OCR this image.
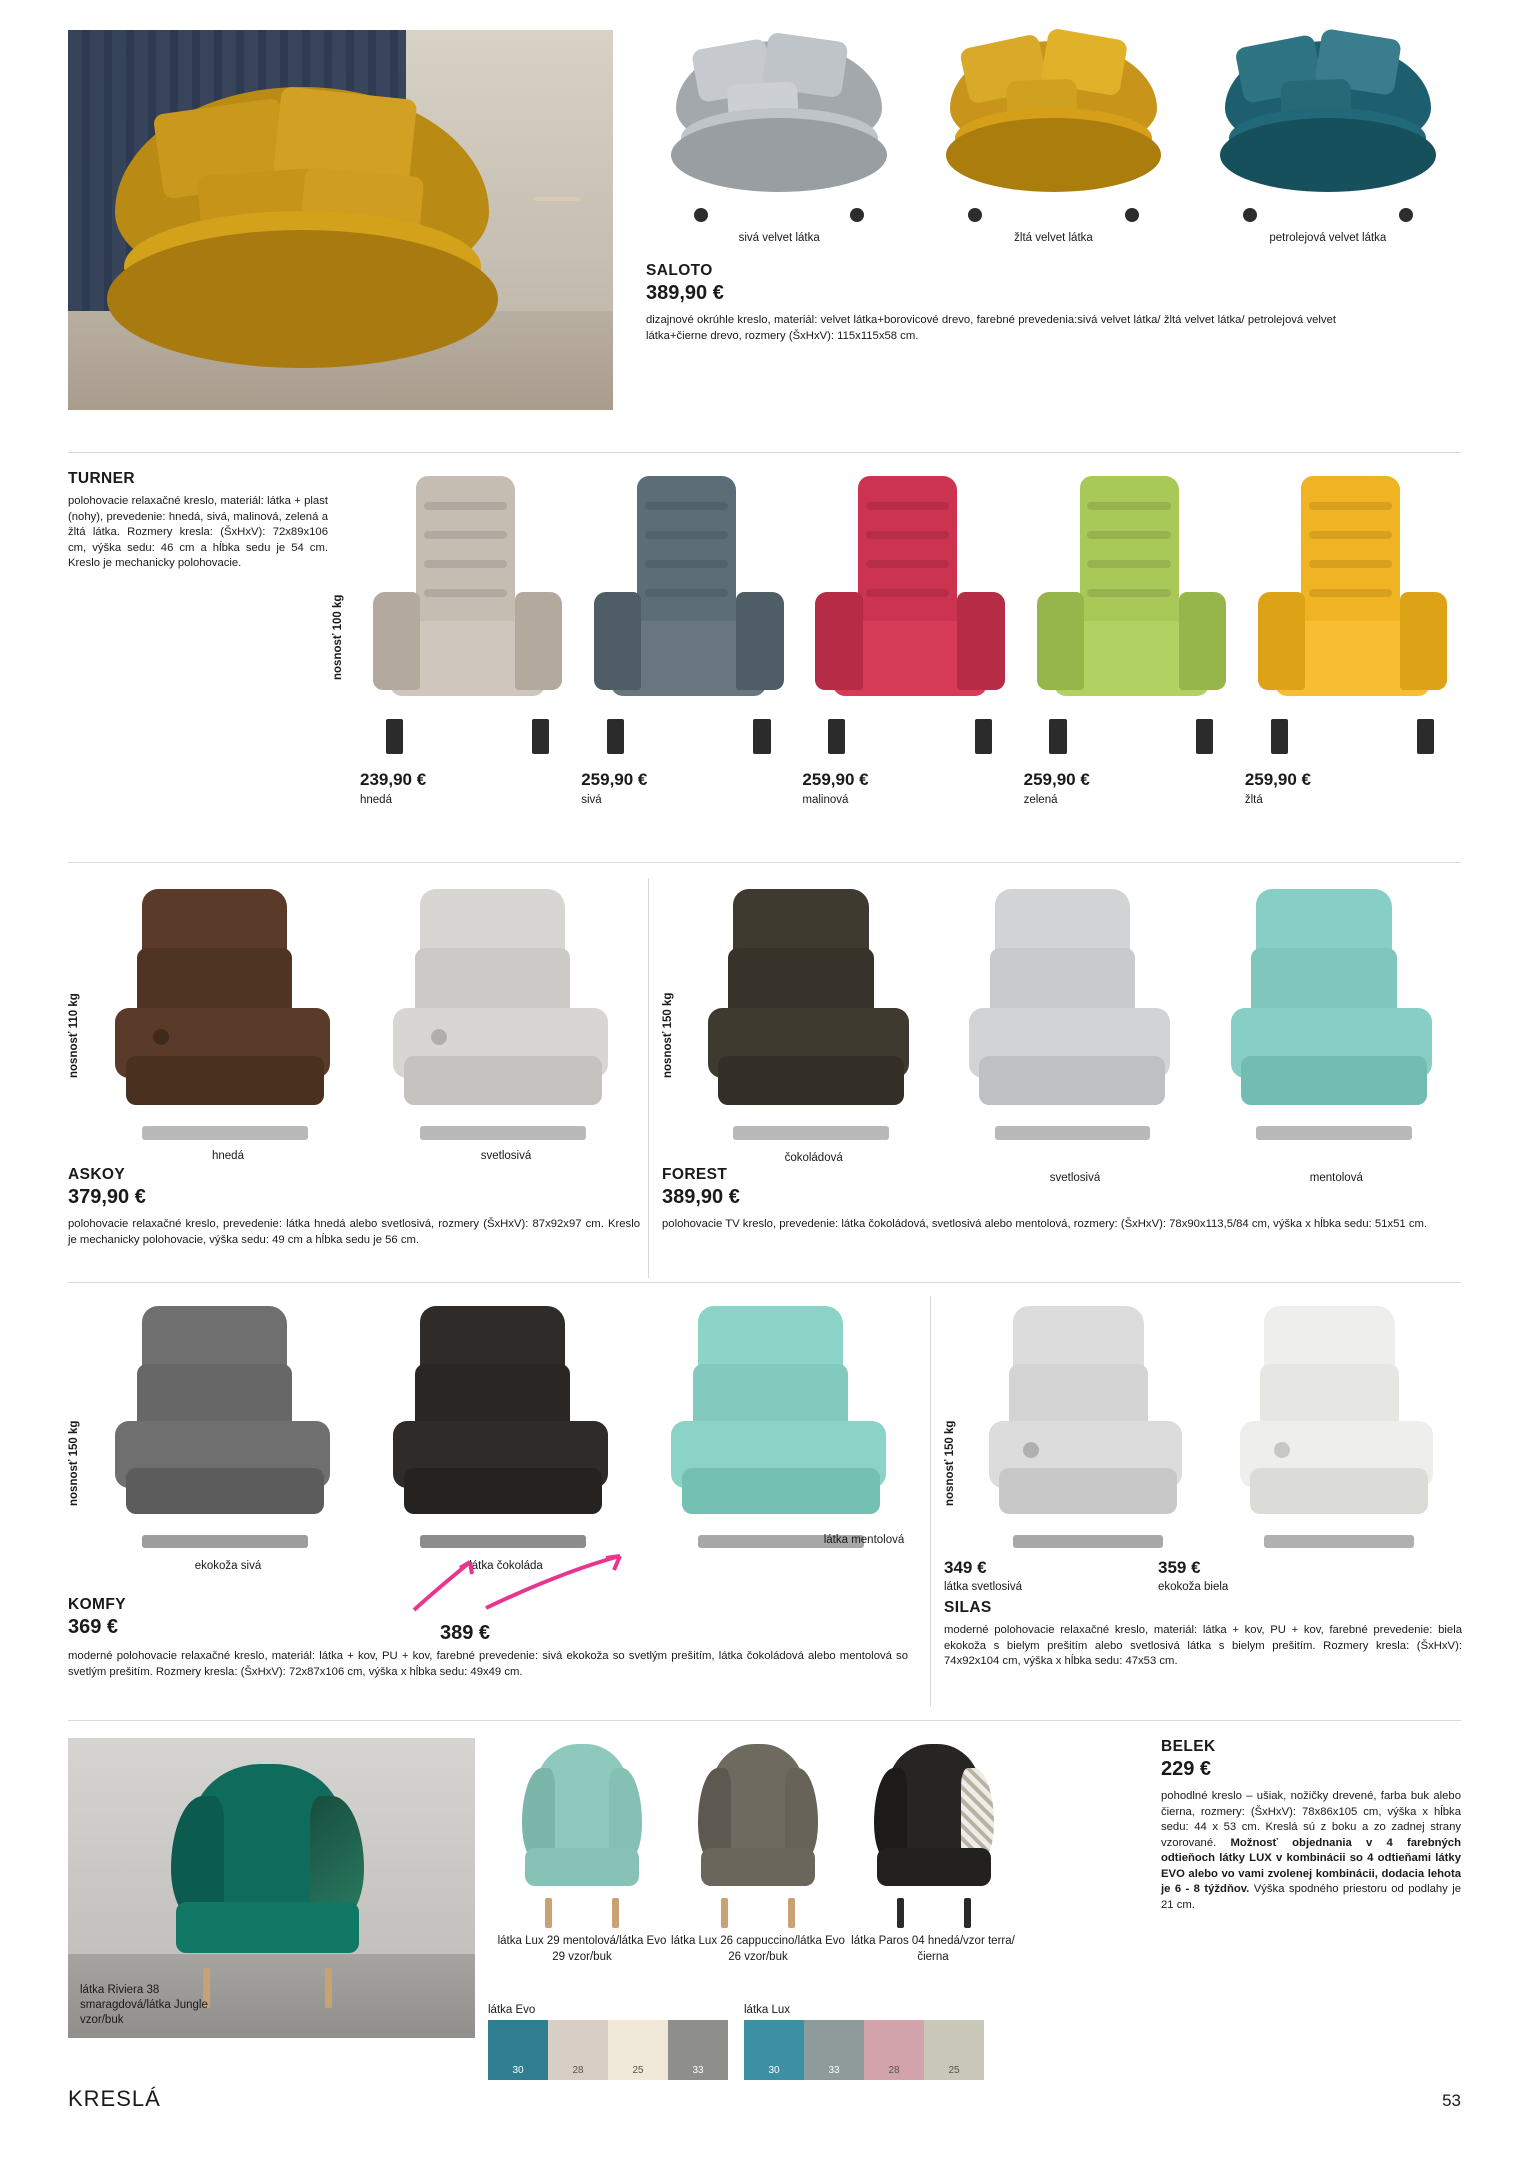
sivá velvet látka	žltá velvet látka	petrolejová velvet látka
SALOTO
389,90 €
dizajnové okrúhle kreslo, materiál: velvet látka+borovicové drevo, farebné prevedenia:sivá velvet látka/ žltá velvet látka/ petrolejová velvet látka+čierne drevo, rozmery (ŠxHxV): 115x115x58 cm.
TURNER
polohovacie relaxačné kreslo, materiál: látka + plast (nohy), prevedenie: hnedá, sivá, malinová, zelená a žltá látka. Rozmery kresla: (ŠxHxV): 72x89x106 cm, výška sedu: 46 cm a hĺbka sedu je 54 cm. Kreslo je mechanicky polohovacie.
nosnosť 100 kg
239,90 €
hnedá
259,90 €
sivá
259,90 €
malinová
259,90 €
zelená
259,90 €
žltá
nosnosť 110 kg
hnedá	svetlosivá
ASKOY
379,90 €
polohovacie relaxačné kreslo, prevedenie: látka hnedá alebo svetlosivá, rozmery (ŠxHxV): 87x92x97 cm. Kreslo je mechanicky polohovacie, výška sedu: 49 cm a hĺbka sedu je 56 cm.
nosnosť 150 kg
čokoládová
svetlosivá	mentolová
FOREST
389,90 €
polohovacie TV kreslo, prevedenie: látka čokoládová, svetlosivá alebo mentolová, rozmery: (ŠxHxV): 78x90x113,5/84 cm, výška x hĺbka sedu: 51x51 cm.
nosnosť 150 kg
ekokoža sivá	látka čokoláda
látka mentolová
KOMFY
369 €	389 €
moderné polohovacie relaxačné kreslo, materiál: látka + kov, PU + kov, farebné prevedenie: sivá ekokoža so svetlým prešitím, látka čokoládová alebo mentolová so svetlým prešitím. Rozmery kresla: (ŠxHxV): 72x87x106 cm, výška x hĺbka sedu: 49x49 cm.
nosnosť 150 kg
349 €
látka svetlosivá
359 €
ekokoža biela
SILAS
moderné polohovacie relaxačné kreslo, materiál: látka + kov, PU + kov, farebné prevedenie: biela ekokoža s bielym prešitím alebo svetlosivá látka s bielym prešitím. Rozmery kresla: (ŠxHxV): 74x92x104 cm, výška x hĺbka sedu: 47x53 cm.
látka Riviera 38 smaragdová/látka Jungle vzor/buk
látka Lux 29 mentolová/látka Evo 29 vzor/buk
látka Lux 26 cappuccino/látka Evo 26 vzor/buk
látka Paros 04 hnedá/vzor terra/čierna
látka Evo
30	28	25	33
látka Lux
30	33	28	25
BELEK
229 €
pohodlné kreslo – ušiak, nožičky drevené, farba buk alebo čierna, rozmery: (ŠxHxV): 78x86x105 cm, výška x hĺbka sedu: 44 x 53 cm. Kreslá sú z boku a zo zadnej strany vzorované. Možnosť objednania v 4 farebných odtieňoch látky LUX v kombinácii so 4 odtieňami látky EVO alebo vo vami zvolenej kombinácii, dodacia lehota je 6 - 8 týždňov. Výška spodného priestoru od podlahy je 21 cm.
KRESLÁ	53
